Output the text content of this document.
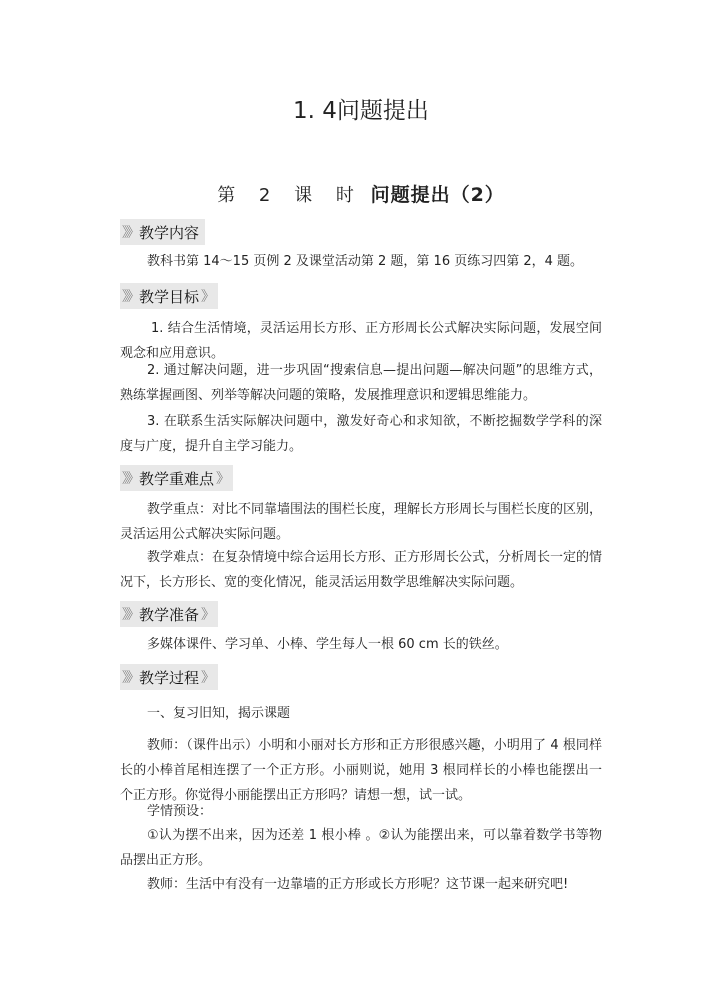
1. 4问题提出
第 2 课 时 问题提出（2）
》》 教学内容
教科书第 14～15 页例 2 及课堂活动第 2 题，第 16 页练习四第 2，4 题。
》》 教学目标 》
1. 结合生活情境，灵活运用长方形、正方形周长公式解决实际问题，发展空间观念和应用意识。
2. 通过解决问题，进一步巩固“搜索信息—提出问题—解决问题”的思维方式，熟练掌握画图、列举等解决问题的策略，发展推理意识和逻辑思维能力。
3. 在联系生活实际解决问题中，激发好奇心和求知欲，不断挖掘数学学科的深度与广度，提升自主学习能力。
》》 教学重难点 》
教学重点：对比不同靠墙围法的围栏长度，理解长方形周长与围栏长度的区别，灵活运用公式解决实际问题。
教学难点：在复杂情境中综合运用长方形、正方形周长公式，分析周长一定的情况下，长方形长、宽的变化情况，能灵活运用数学思维解决实际问题。
》》 教学准备 》
多媒体课件、学习单、小棒、学生每人一根 60 cm 长的铁丝。
》》 教学过程 》
一、复习旧知，揭示课题
教师：（课件出示）小明和小丽对长方形和正方形很感兴趣，小明用了 4 根同样长的小棒首尾相连摆了一个正方形。小丽则说，她用 3 根同样长的小棒也能摆出一个正方形。你觉得小丽能摆出正方形吗？请想一想，试一试。
学情预设：
①认为摆不出来，因为还差 1 根小棒 。②认为能摆出来，可以靠着数学书等物品摆出正方形。
教师：生活中有没有一边靠墙的正方形或长方形呢？这节课一起来研究吧!
